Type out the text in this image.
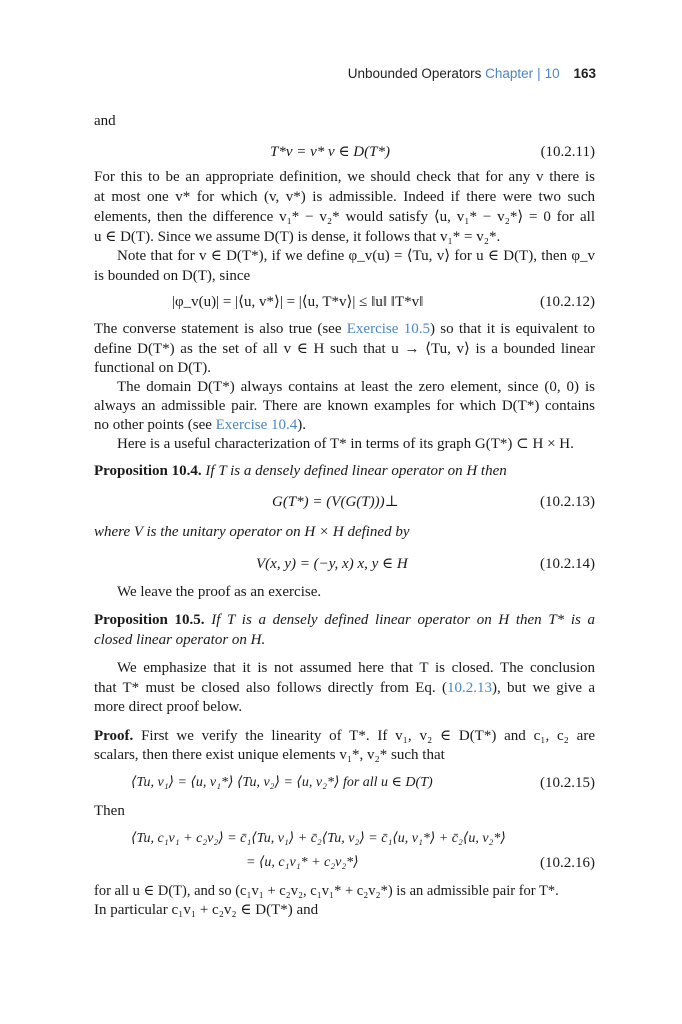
Unbounded Operators Chapter | 10 163
and
T*v = v* v ∈ D(T*)	(10.2.11)
For this to be an appropriate definition, we should check that for any v there is
at most one v* for which (v, v*) is admissible. Indeed if there were two such
elements, then the difference v₁* − v₂* would satisfy ⟨u, v₁* − v₂*⟩ = 0 for all
u ∈ D(T). Since we assume D(T) is dense, it follows that v₁* = v₂*.
Note that for v ∈ D(T*), if we define φ_v(u) = ⟨Tu, v⟩ for u ∈ D(T), then φ_v
is bounded on D(T), since
|φ_v(u)| = |⟨u, v*⟩| = |⟨u, T*v⟩| ≤ ‖u‖ ‖T*v‖	(10.2.12)
The converse statement is also true (see Exercise 10.5) so that it is equivalent to
define D(T*) as the set of all v ∈ H such that u → ⟨Tu, v⟩ is a bounded linear
functional on D(T).
The domain D(T*) always contains at least the zero element, since (0, 0) is
always an admissible pair. There are known examples for which D(T*) contains
no other points (see Exercise 10.4).
Here is a useful characterization of T* in terms of its graph G(T*) ⊂ H × H.
Proposition 10.4. If T is a densely defined linear operator on H then
G(T*) = (V(G(T)))⊥	(10.2.13)
where V is the unitary operator on H × H defined by
V(x, y) = (−y, x) x, y ∈ H	(10.2.14)
We leave the proof as an exercise.
Proposition 10.5. If T is a densely defined linear operator on H then T* is a
closed linear operator on H.
We emphasize that it is not assumed here that T is closed. The conclusion
that T* must be closed also follows directly from Eq. (10.2.13), but we give a
more direct proof below.
Proof. First we verify the linearity of T*. If v₁, v₂ ∈ D(T*) and c₁, c₂ are
scalars, then there exist unique elements v₁*, v₂* such that
⟨Tu, v₁⟩ = ⟨u, v₁*⟩ ⟨Tu, v₂⟩ = ⟨u, v₂*⟩ for all u ∈ D(T)	(10.2.15)
Then
⟨Tu, c₁v₁ + c₂v₂⟩ = c̄₁⟨Tu, v₁⟩ + c̄₂⟨Tu, v₂⟩ = c̄₁⟨u, v₁*⟩ + c̄₂⟨u, v₂*⟩
= ⟨u, c₁v₁* + c₂v₂*⟩	(10.2.16)
for all u ∈ D(T), and so (c₁v₁ + c₂v₂, c₁v₁* + c₂v₂*) is an admissible pair for T*.
In particular c₁v₁ + c₂v₂ ∈ D(T*) and
